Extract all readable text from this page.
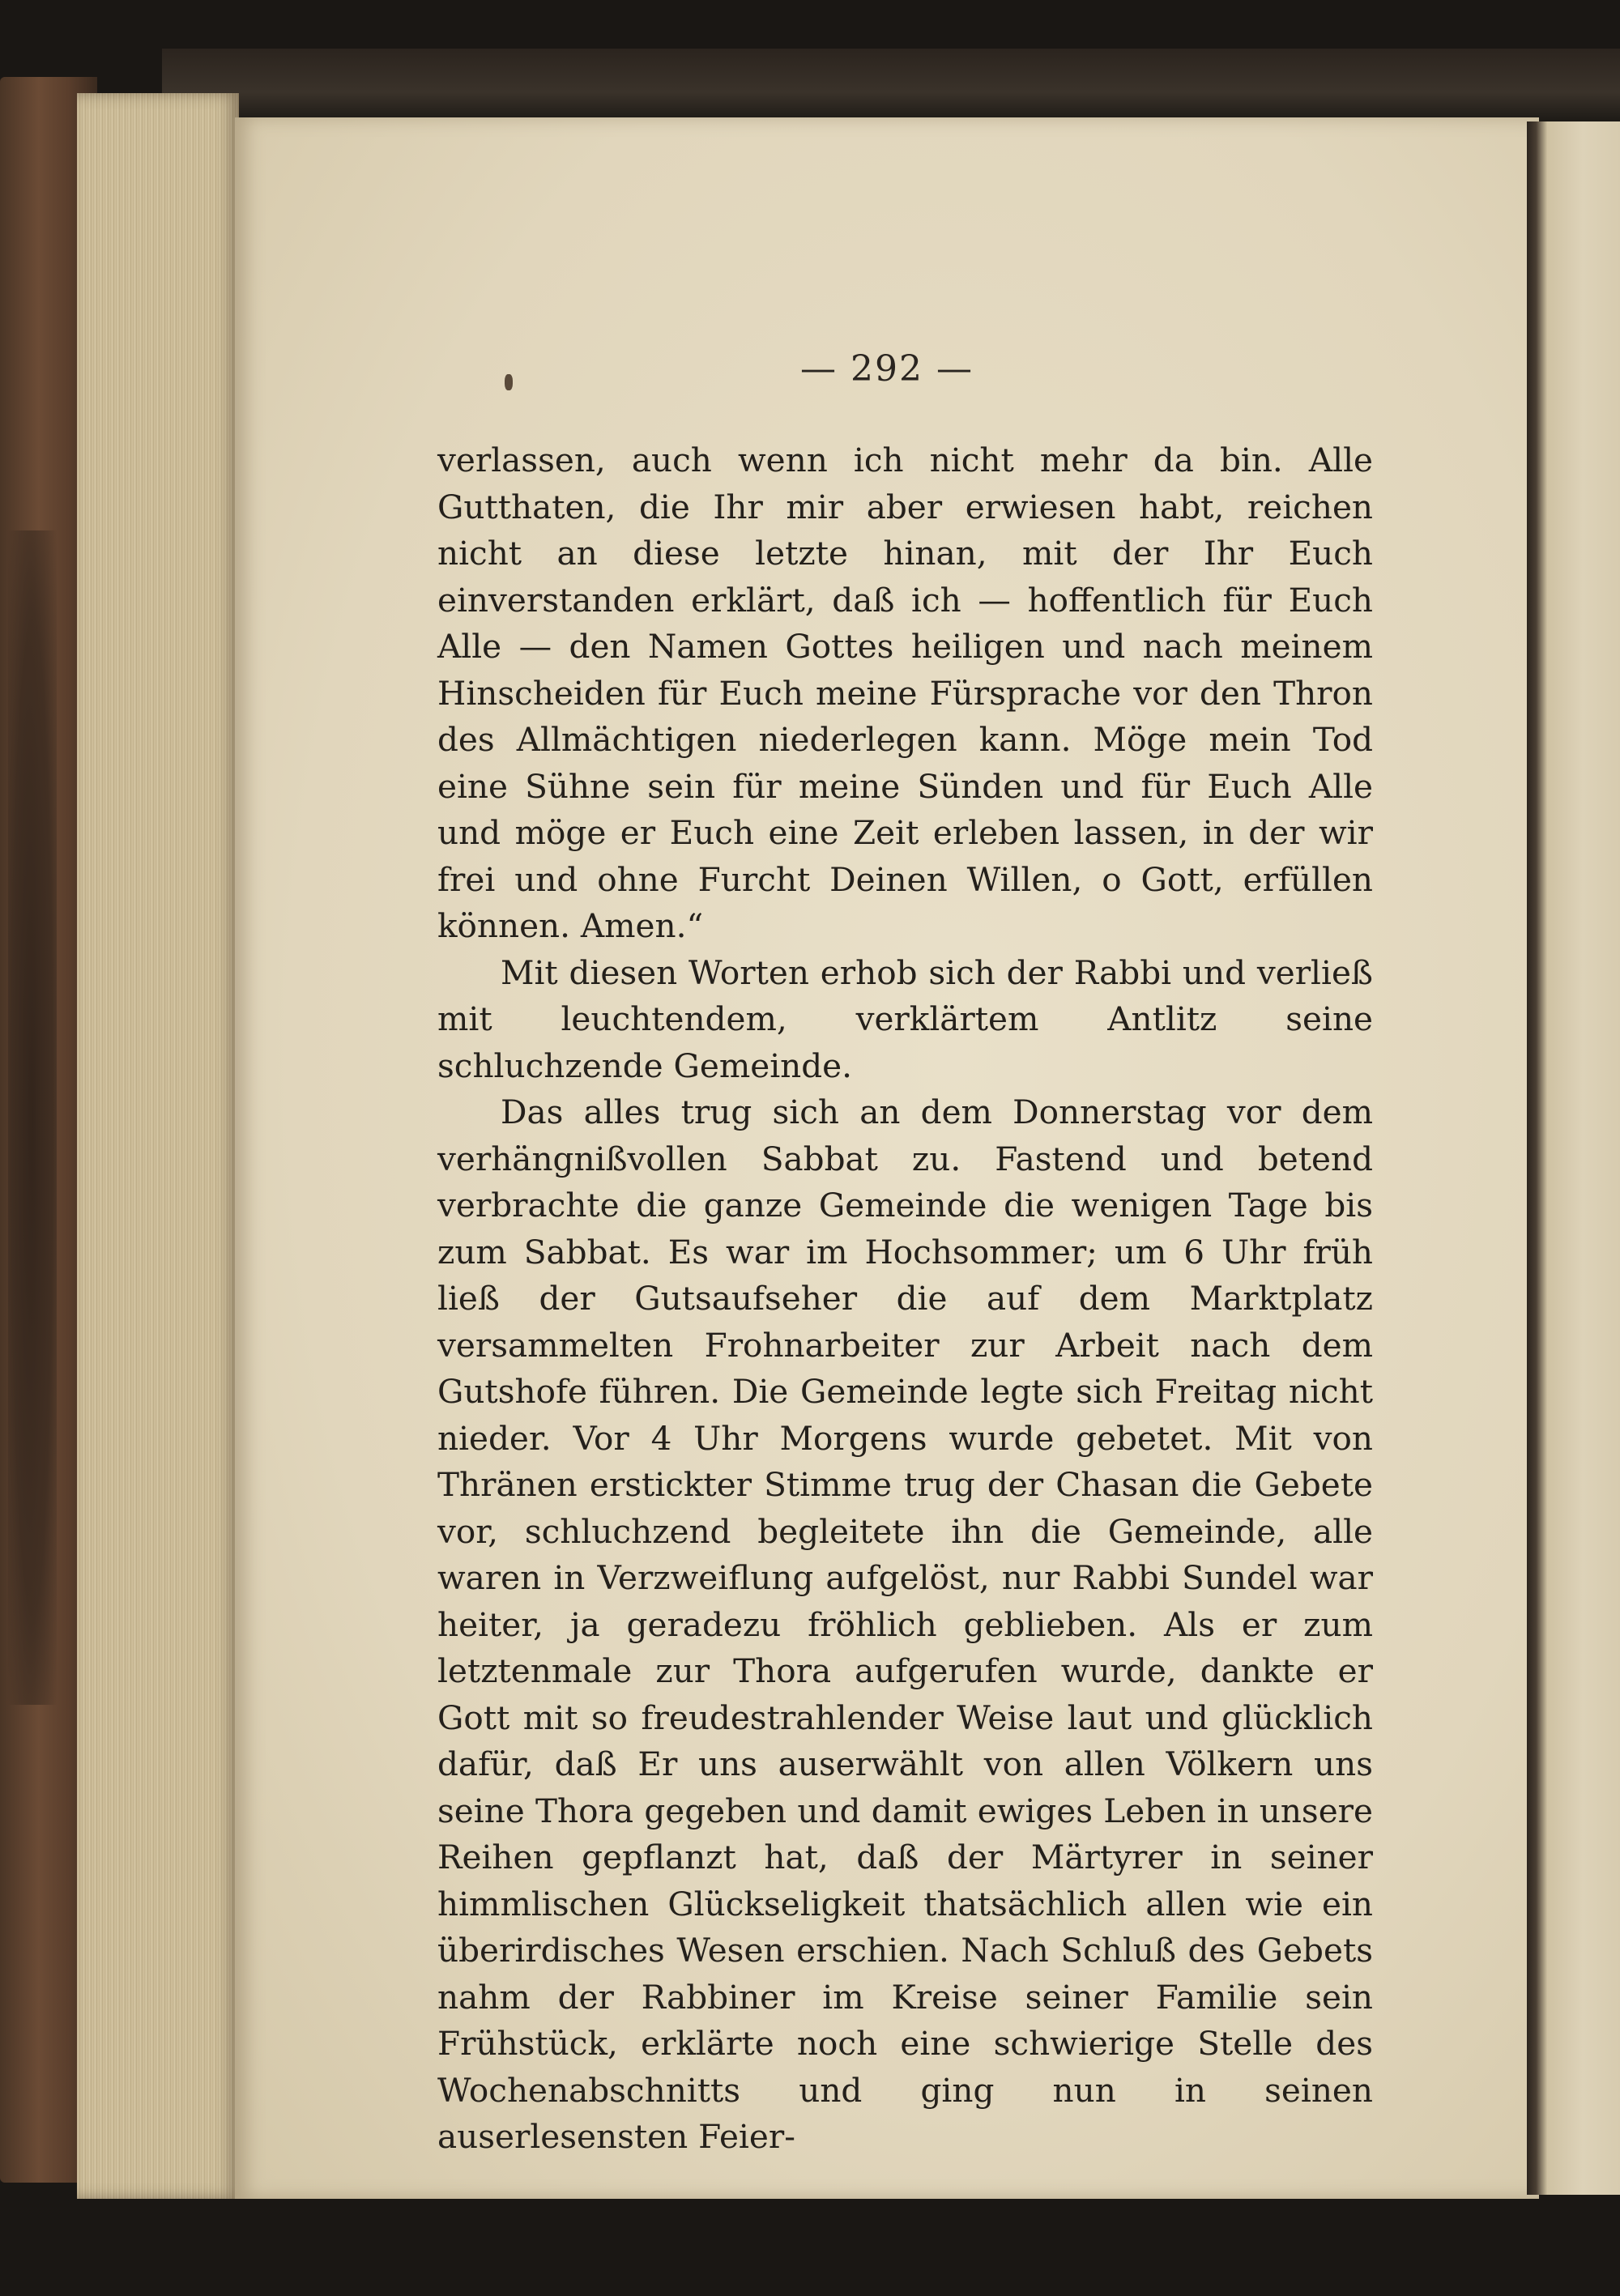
— 292 —

verlassen, auch wenn ich nicht mehr da bin. Alle Gutthaten, die Ihr mir aber erwiesen habt, reichen nicht an diese letzte hinan, mit der Ihr Euch einverstanden erklärt, daß ich — hoffentlich für Euch Alle — den Namen Gottes heiligen und nach meinem Hinscheiden für Euch meine Fürsprache vor den Thron des Allmächtigen niederlegen kann. Möge mein Tod eine Sühne sein für meine Sünden und für Euch Alle und möge er Euch eine Zeit erleben lassen, in der wir frei und ohne Furcht Deinen Willen, o Gott, erfüllen können. Amen.“

Mit diesen Worten erhob sich der Rabbi und verließ mit leuchtendem, verklärtem Antlitz seine schluchzende Gemeinde.

Das alles trug sich an dem Donnerstag vor dem verhängnißvollen Sabbat zu. Fastend und betend verbrachte die ganze Gemeinde die wenigen Tage bis zum Sabbat. Es war im Hochsommer; um 6 Uhr früh ließ der Gutsaufseher die auf dem Marktplatz versammelten Frohnarbeiter zur Arbeit nach dem Gutshofe führen. Die Gemeinde legte sich Freitag nicht nieder. Vor 4 Uhr Morgens wurde gebetet. Mit von Thränen erstickter Stimme trug der Chasan die Gebete vor, schluchzend begleitete ihn die Gemeinde, alle waren in Verzweiflung aufgelöst, nur Rabbi Sundel war heiter, ja geradezu fröhlich geblieben. Als er zum letztenmale zur Thora aufgerufen wurde, dankte er Gott mit so freudestrahlender Weise laut und glücklich dafür, daß Er uns auserwählt von allen Völkern uns seine Thora gegeben und damit ewiges Leben in unsere Reihen gepflanzt hat, daß der Märtyrer in seiner himmlischen Glückseligkeit thatsächlich allen wie ein überirdisches Wesen erschien. Nach Schluß des Gebets nahm der Rabbiner im Kreise seiner Familie sein Frühstück, erklärte noch eine schwierige Stelle des Wochenabschnitts und ging nun in seinen auserlesensten Feier-
